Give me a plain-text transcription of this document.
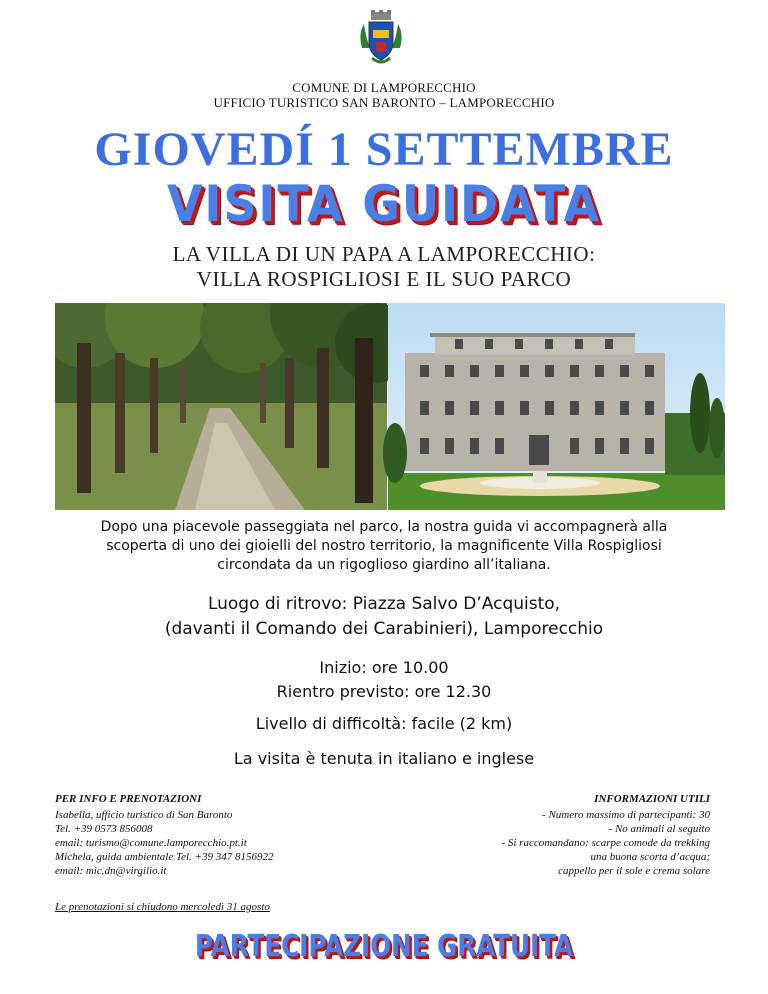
COMUNE DI LAMPORECCHIO
UFFICIO TURISTICO SAN BARONTO – LAMPORECCHIO
GIOVEDÍ 1 SETTEMBRE
VISITA GUIDATA
LA VILLA DI UN PAPA A LAMPORECCHIO:
VILLA ROSPIGLIOSI E IL SUO PARCO
Dopo una piacevole passeggiata nel parco, la nostra guida vi accompagnerà alla
scoperta di uno dei gioielli del nostro territorio, la magnificente Villa Rospigliosi
circondata da un rigoglioso giardino all’italiana.
Luogo di ritrovo: Piazza Salvo D’Acquisto,
(davanti il Comando dei Carabinieri), Lamporecchio
Inizio: ore 10.00
Rientro previsto: ore 12.30
Livello di difficoltà: facile (2 km)
La visita è tenuta in italiano e inglese
PER INFO E PRENOTAZIONI
Isabella, ufficio turistico di San Baronto
Tel. +39 0573 856008
email: turismo@comune.lamporecchio.pt.it
Michela, guida ambientale Tel. +39 347 8156922
email: mic.dn@virgilio.it
INFORMAZIONI UTILI
- Numero massimo di partecipanti: 30
- No animali al seguito
- Si raccomandano: scarpe comode da trekking
una buona scorta d’acqua;
cappello per il sole e crema solare
Le prenotazioni si chiudono mercoledì 31 agosto
PARTECIPAZIONE GRATUITA
